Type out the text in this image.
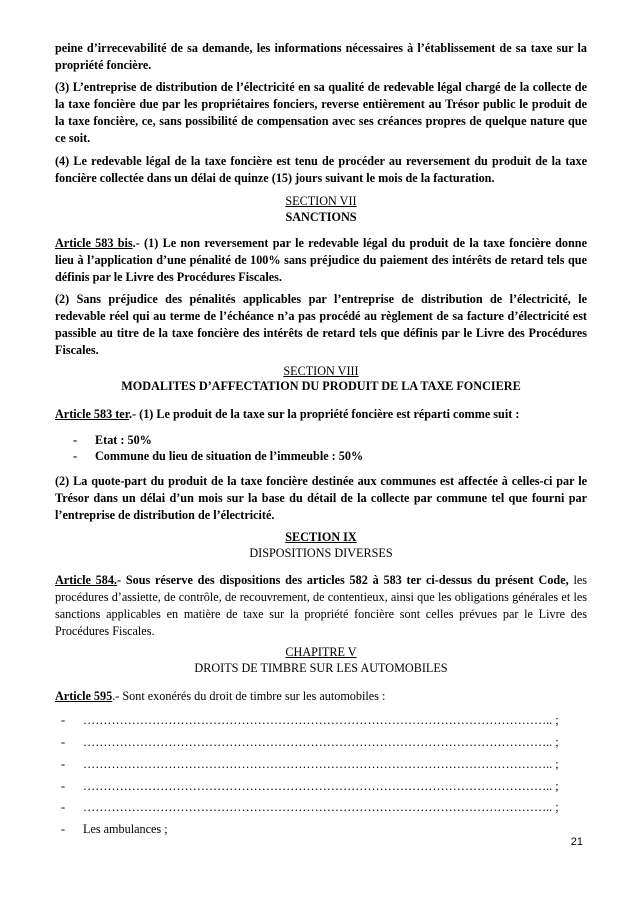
peine d’irrecevabilité de sa demande, les informations nécessaires à l’établissement de sa taxe sur la propriété foncière.

(3) L’entreprise de distribution de l’électricité en sa qualité de redevable légal chargé de la collecte de la taxe foncière due par les propriétaires fonciers, reverse entièrement au Trésor public le produit de la taxe foncière, ce, sans possibilité de compensation avec ses créances propres de quelque nature que ce soit.

(4) Le redevable légal de la taxe foncière est tenu de procéder au reversement du produit de la taxe foncière collectée dans un délai de quinze (15) jours suivant le mois de la facturation.

SECTION VII

SANCTIONS

Article 583 bis.- (1) Le non reversement par le redevable légal du produit de la taxe foncière donne lieu à l’application d’une pénalité de 100% sans préjudice du paiement des intérêts de retard tels que définis par le Livre des Procédures Fiscales.

(2) Sans préjudice des pénalités applicables par l’entreprise de distribution de l’électricité, le redevable réel qui au terme de l’échéance n’a pas procédé au règlement de sa facture d’électricité est passible au titre de la taxe foncière des intérêts de retard tels que définis par le Livre des Procédures Fiscales.

SECTION VIII

MODALITES D’AFFECTATION DU PRODUIT DE LA TAXE FONCIERE

Article 583 ter.- (1) Le produit de la taxe sur la propriété foncière est réparti comme suit :

- Etat : 50%

- Commune du lieu de situation de l’immeuble : 50%

(2) La quote-part du produit de la taxe foncière destinée aux communes est affectée à celles-ci par le Trésor dans un délai d’un mois sur la base du détail de la collecte par commune tel que fourni par l’entreprise de distribution de l’électricité.

SECTION IX

DISPOSITIONS DIVERSES

Article 584.- Sous réserve des dispositions des articles 582 à 583 ter ci-dessus du présent Code, les procédures d’assiette, de contrôle, de recouvrement, de contentieux, ainsi que les obligations générales et les sanctions applicables en matière de taxe sur la propriété foncière sont celles prévues par le Livre des Procédures Fiscales.

CHAPITRE V

DROITS DE TIMBRE SUR LES AUTOMOBILES

Article 595.- Sont exonérés du droit de timbre sur les automobiles :

- …………………………………………………………………………………………………….. ;

- …………………………………………………………………………………………………….. ;

- …………………………………………………………………………………………………….. ;

- …………………………………………………………………………………………………….. ;

- …………………………………………………………………………………………………….. ;

- Les ambulances ;

21
